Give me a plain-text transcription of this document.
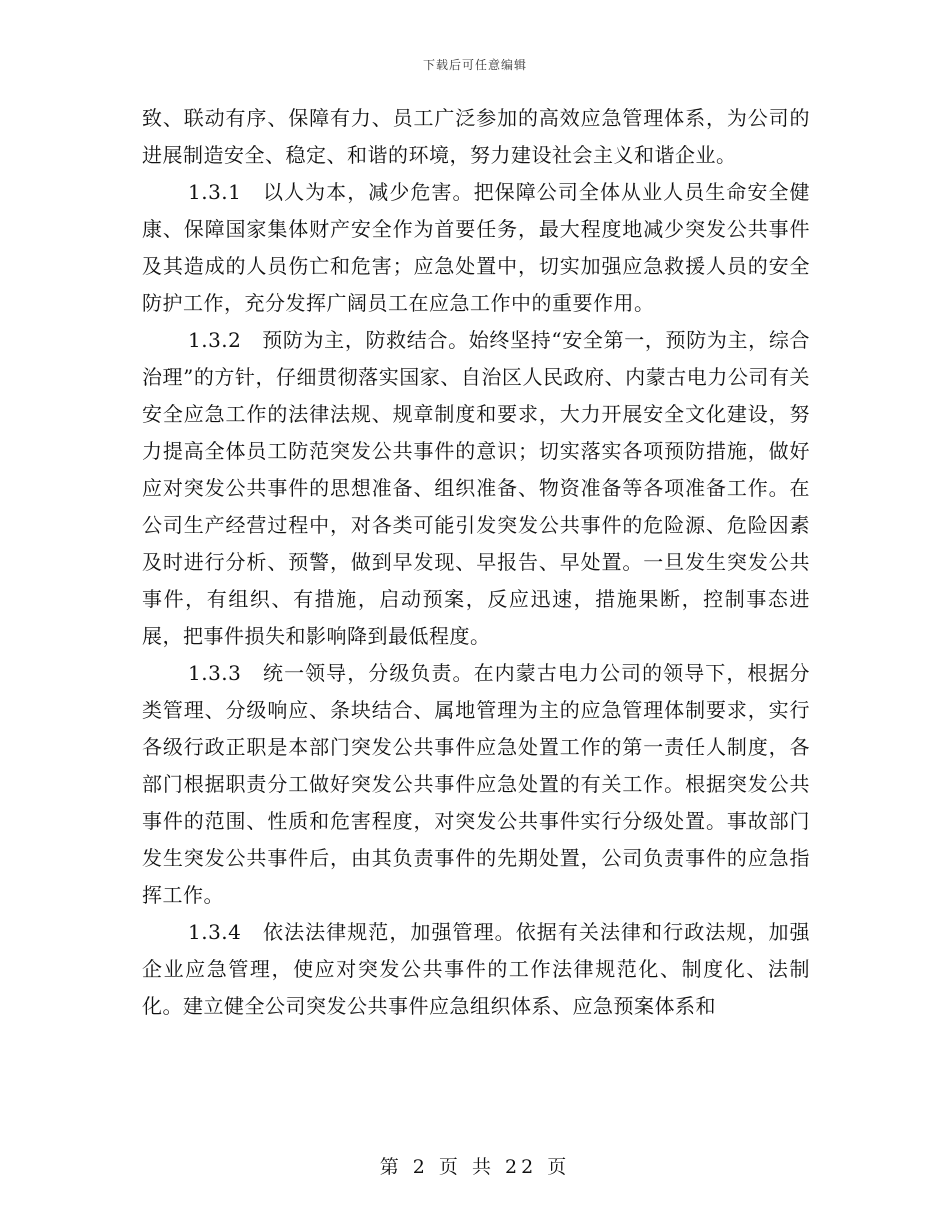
下载后可任意编辑

致、联动有序、保障有力、员工广泛参加的高效应急管理体系，为公司的进展制造安全、稳定、和谐的环境，努力建设社会主义和谐企业。

1.3.1　以人为本，减少危害。把保障公司全体从业人员生命安全健康、保障国家集体财产安全作为首要任务，最大程度地减少突发公共事件及其造成的人员伤亡和危害；应急处置中，切实加强应急救援人员的安全防护工作，充分发挥广阔员工在应急工作中的重要作用。

1.3.2　预防为主，防救结合。始终坚持“安全第一，预防为主，综合治理”的方针，仔细贯彻落实国家、自治区人民政府、内蒙古电力公司有关安全应急工作的法律法规、规章制度和要求，大力开展安全文化建设，努力提高全体员工防范突发公共事件的意识；切实落实各项预防措施，做好应对突发公共事件的思想准备、组织准备、物资准备等各项准备工作。在公司生产经营过程中，对各类可能引发突发公共事件的危险源、危险因素及时进行分析、预警，做到早发现、早报告、早处置。一旦发生突发公共事件，有组织、有措施，启动预案，反应迅速，措施果断，控制事态进展，把事件损失和影响降到最低程度。

1.3.3　统一领导，分级负责。在内蒙古电力公司的领导下，根据分类管理、分级响应、条块结合、属地管理为主的应急管理体制要求，实行各级行政正职是本部门突发公共事件应急处置工作的第一责任人制度，各部门根据职责分工做好突发公共事件应急处置的有关工作。根据突发公共事件的范围、性质和危害程度，对突发公共事件实行分级处置。事故部门发生突发公共事件后，由其负责事件的先期处置，公司负责事件的应急指挥工作。

1.3.4　依法法律规范，加强管理。依据有关法律和行政法规，加强企业应急管理，使应对突发公共事件的工作法律规范化、制度化、法制化。建立健全公司突发公共事件应急组织体系、应急预案体系和

第 2 页 共 22 页
